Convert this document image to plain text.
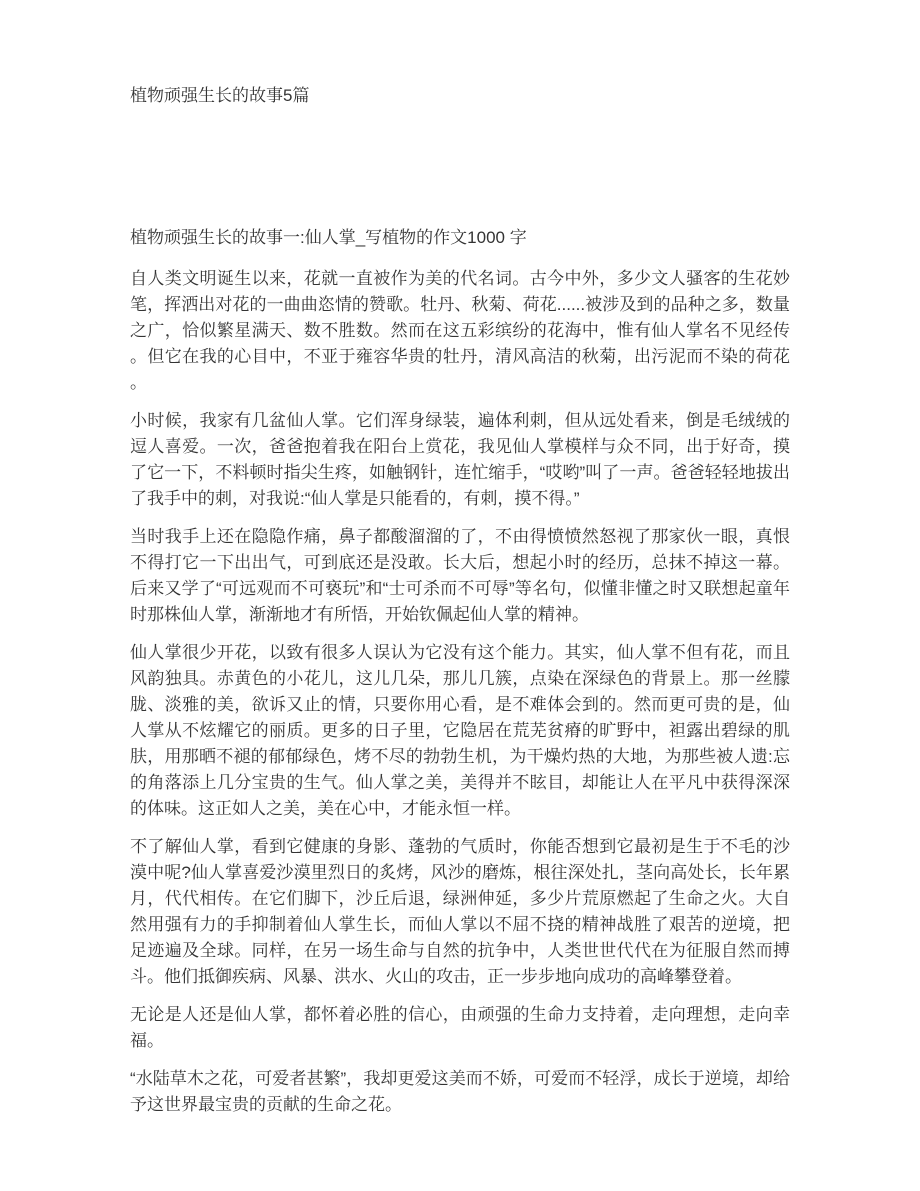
植物顽强生长的故事5篇
植物顽强生长的故事一:仙人掌_写植物的作文1000 字

自人类文明诞生以来，花就一直被作为美的代名词。古今中外，多少文人骚客的生花妙笔，挥洒出对花的一曲曲恣情的赞歌。牡丹、秋菊、荷花......被涉及到的品种之多，数量之广，恰似繁星满天、数不胜数。然而在这五彩缤纷的花海中，惟有仙人掌名不见经传。但它在我的心目中，不亚于雍容华贵的牡丹，清风高洁的秋菊，出污泥而不染的荷花。

小时候，我家有几盆仙人掌。它们浑身绿装，遍体利刺，但从远处看来，倒是毛绒绒的逗人喜爱。一次，爸爸抱着我在阳台上赏花，我见仙人掌模样与众不同，出于好奇，摸了它一下，不料顿时指尖生疼，如触钢针，连忙缩手，“哎哟”叫了一声。爸爸轻轻地拔出了我手中的刺，对我说:“仙人掌是只能看的，有刺，摸不得。”

当时我手上还在隐隐作痛，鼻子都酸溜溜的了，不由得愤愤然怒视了那家伙一眼，真恨不得打它一下出出气，可到底还是没敢。长大后，想起小时的经历，总抹不掉这一幕。后来又学了“可远观而不可亵玩”和“士可杀而不可辱”等名句，似懂非懂之时又联想起童年时那株仙人掌，渐渐地才有所悟，开始钦佩起仙人掌的精神。

仙人掌很少开花，以致有很多人误认为它没有这个能力。其实，仙人掌不但有花，而且风韵独具。赤黄色的小花儿，这儿几朵，那儿几簇，点染在深绿色的背景上。那一丝朦胧、淡雅的美，欲诉又止的情，只要你用心看，是不难体会到的。然而更可贵的是，仙人掌从不炫耀它的丽质。更多的日子里，它隐居在荒芜贫瘠的旷野中，袒露出碧绿的肌肤，用那晒不褪的郁郁绿色，烤不尽的勃勃生机，为干燥灼热的大地，为那些被人遗:忘的角落添上几分宝贵的生气。仙人掌之美，美得并不眩目，却能让人在平凡中获得深深的体味。这正如人之美，美在心中，才能永恒一样。

不了解仙人掌，看到它健康的身影、蓬勃的气质时，你能否想到它最初是生于不毛的沙漠中呢?仙人掌喜爱沙漠里烈日的炙烤，风沙的磨炼，根往深处扎，茎向高处长，长年累月，代代相传。在它们脚下，沙丘后退，绿洲伸延，多少片荒原燃起了生命之火。大自然用强有力的手抑制着仙人掌生长，而仙人掌以不屈不挠的精神战胜了艰苦的逆境，把足迹遍及全球。同样，在另一场生命与自然的抗争中，人类世世代代在为征服自然而搏斗。他们抵御疾病、风暴、洪水、火山的攻击，正一步步地向成功的高峰攀登着。

无论是人还是仙人掌，都怀着必胜的信心，由顽强的生命力支持着，走向理想，走向幸福。

“水陆草木之花，可爱者甚繁”，我却更爱这美而不娇，可爱而不轻浮，成长于逆境，却给予这世界最宝贵的贡献的生命之花。
